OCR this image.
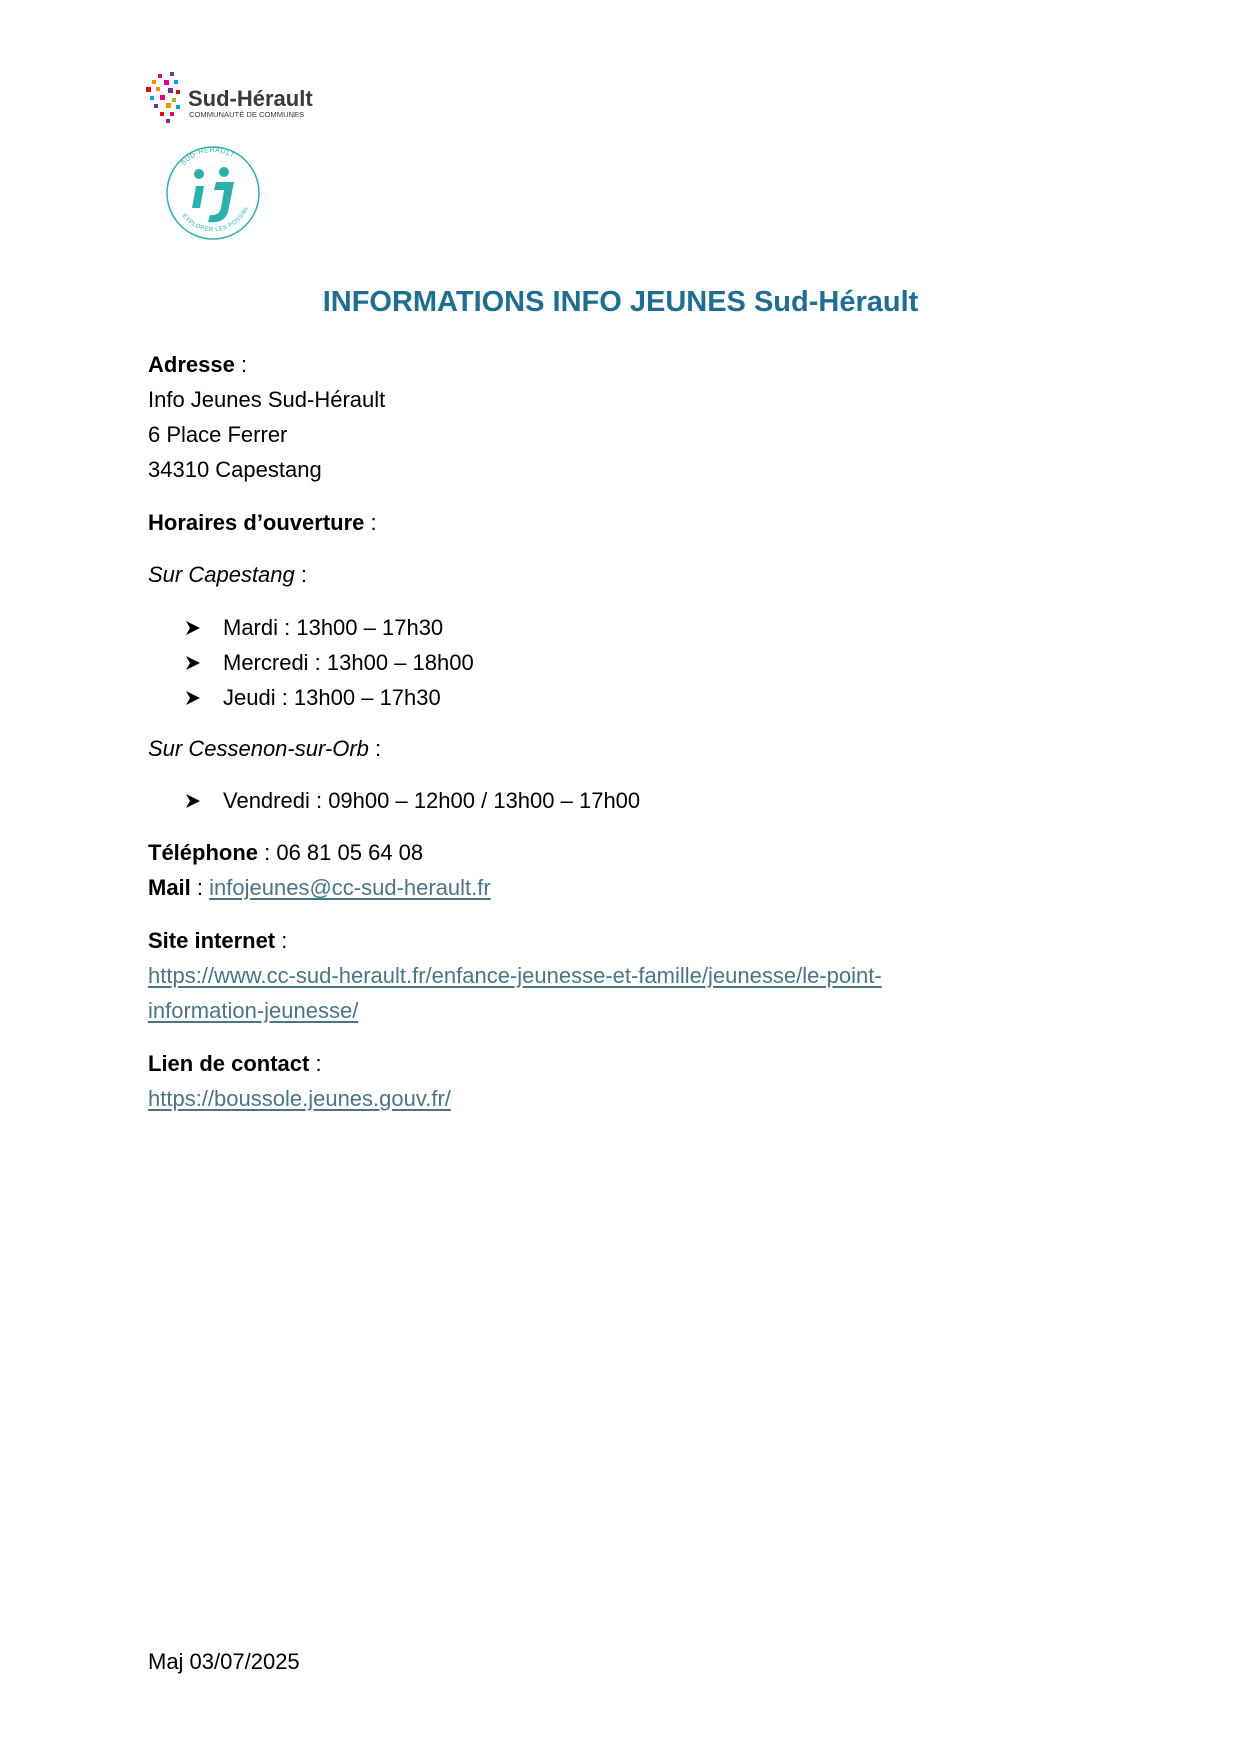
Sud-Hérault
COMMUNAUTÉ DE COMMUNES
SUD-HÉRAULT
EXPLORER LES POSSIBL
INFORMATIONS INFO JEUNES Sud-Hérault
Adresse :
Info Jeunes Sud-Hérault
6 Place Ferrer
34310 Capestang
Horaires d’ouverture :
Sur Capestang :
Mardi : 13h00 – 17h30
Mercredi : 13h00 – 18h00
Jeudi : 13h00 – 17h30
Sur Cessenon-sur-Orb :
Vendredi : 09h00 – 12h00 / 13h00 – 17h00
Téléphone : 06 81 05 64 08
Mail : infojeunes@cc-sud-herault.fr
Site internet :
https://www.cc-sud-herault.fr/enfance-jeunesse-et-famille/jeunesse/le-point-
information-jeunesse/
Lien de contact :
https://boussole.jeunes.gouv.fr/
Maj 03/07/2025
